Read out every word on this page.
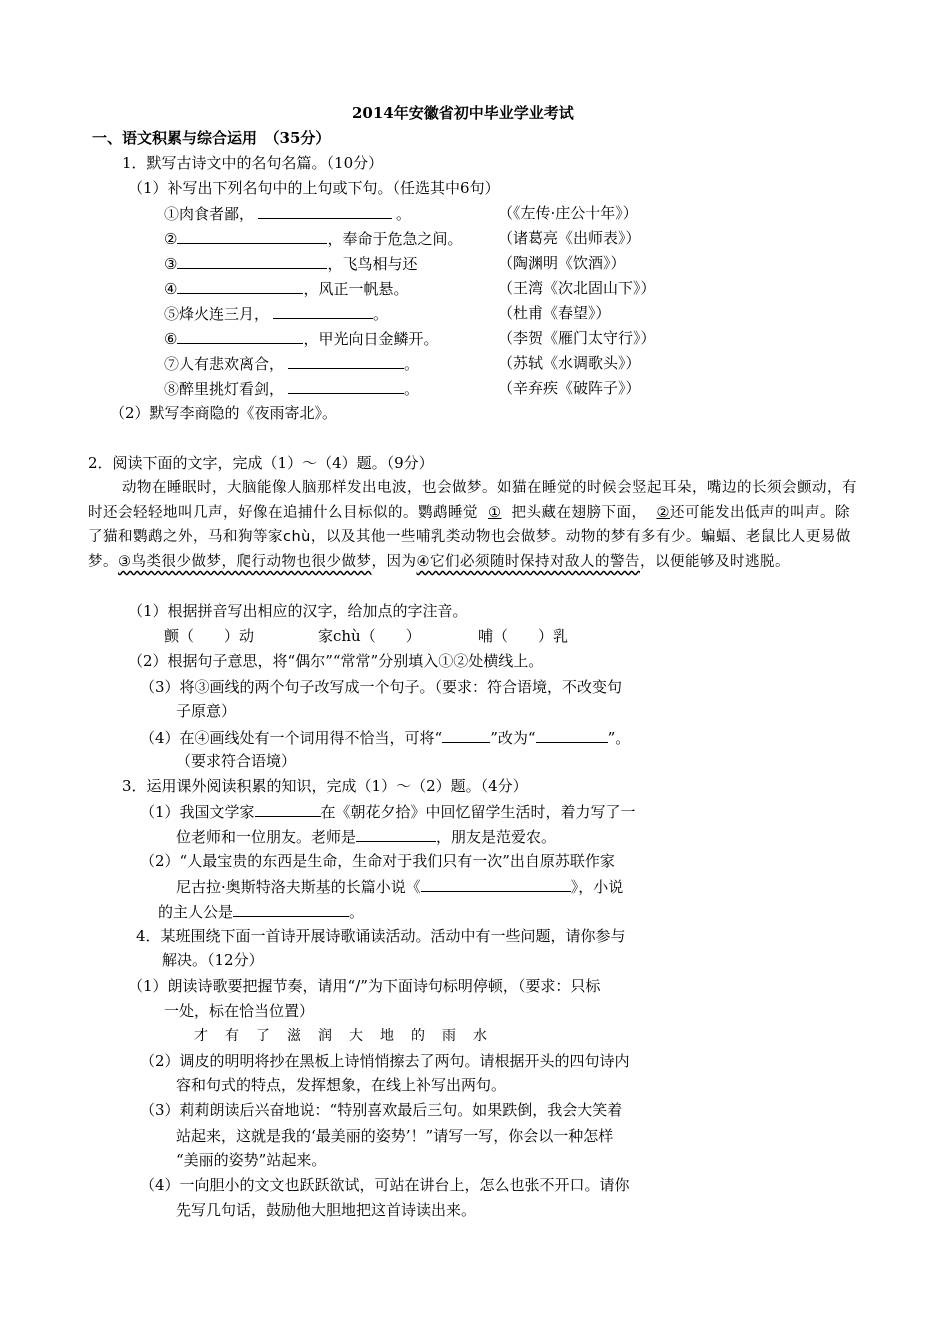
2014年安徽省初中毕业学业考试
一、语文积累与综合运用　（35分）
1．默写古诗文中的名句名篇。（10分）
（1）补写出下列名句中的上句或下句。（任选其中6句）
①肉食者鄙，	。	（《左传·庄公十年》）
②	，奉命于危急之间。 （诸葛亮《出师表》）
③	，飞鸟相与还	（陶渊明《饮酒》）
④	，风正一帆悬。	（王湾《次北固山下》）
⑤烽火连三月，	。	（杜甫《春望》）
⑥	，甲光向日金鳞开。	（李贺《雁门太守行》）
⑦人有悲欢离合，	。	（苏轼《水调歌头》）
⑧醉里挑灯看剑，	。	（辛弃疾《破阵子》）
（2）默写李商隐的《夜雨寄北》。
2．阅读下面的文字，完成（1）～（4）题。（9分）
动物在睡眠时，大脑能像人脑那样发出电波，也会做梦。如猫在睡觉的时候会竖起耳朵，嘴边的长须会颤动，有时还会轻轻地叫几声，好像在追捕什么目标似的。鹦鹉睡觉 ① 把头藏在翅膀下面， ②还可能发出低声的叫声。除了猫和鹦鹉之外，马和狗等家chù，以及其他一些哺乳类动物也会做梦。动物的梦有多有少。蝙蝠、老鼠比人更易做梦。③鸟类很少做梦，爬行动物也很少做梦，因为④它们必须随时保持对敌人的警告，以便能够及时逃脱。
（1）根据拼音写出相应的汉字，给加点的字注音。
颤（　　）动	家chù（　　）	哺（　　）乳
（2）根据句子意思，将“偶尔”“常常”分别填入①②处横线上。
（3）将③画线的两个句子改写成一个句子。（要求：符合语境，不改变句
子原意）
（4）在④画线处有一个词用得不恰当，可将“	”改为“	”。
（要求符合语境）
3．运用课外阅读积累的知识，完成（1）～（2）题。（4分）
（1）我国文学家	在《朝花夕拾》中回忆留学生活时，着力写了一
位老师和一位朋友。老师是	，朋友是范爱农。
（2）“人最宝贵的东西是生命，生命对于我们只有一次”出自原苏联作家
尼古拉·奥斯特洛夫斯基的长篇小说《	》，小说
的主人公是	。
4．某班围绕下面一首诗开展诗歌诵读活动。活动中有一些问题，请你参与
解决。（12分）
（1）朗读诗歌要把握节奏，请用“/”为下面诗句标明停顿，（要求：只标
一处，标在恰当位置）
才有了滋润大地的雨水
（2）调皮的明明将抄在黑板上诗悄悄擦去了两句。请根据开头的四句诗内
容和句式的特点，发挥想象，在线上补写出两句。
（3）莉莉朗读后兴奋地说：“特别喜欢最后三句。如果跌倒，我会大笑着
站起来，这就是我的‘最美丽的姿势’！”请写一写，你会以一种怎样
“美丽的姿势”站起来。
（4）一向胆小的文文也跃跃欲试，可站在讲台上，怎么也张不开口。请你
先写几句话，鼓励他大胆地把这首诗读出来。
